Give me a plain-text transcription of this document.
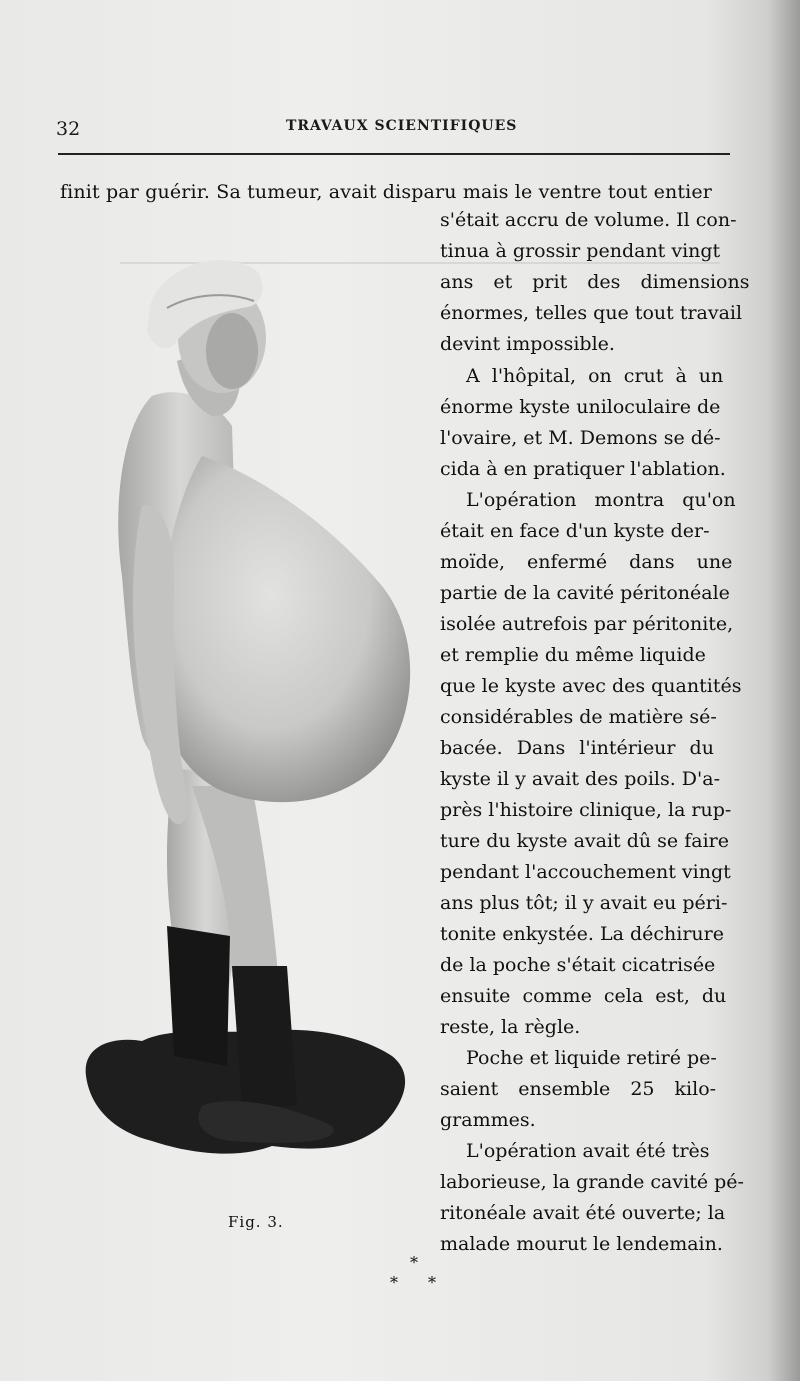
32	TRAVAUX SCIENTIFIQUES
finit par guérir. Sa tumeur, avait disparu mais le ventre tout entier
s'était accru de volume. Il con-
tinua à grossir pendant vingt
ans et prit des dimensions
énormes, telles que tout travail
devint impossible.
A l'hôpital, on crut à un
énorme kyste uniloculaire de
l'ovaire, et M. Demons se dé-
cida à en pratiquer l'ablation.
L'opération montra qu'on
était en face d'un kyste der-
moïde, enfermé dans une
partie de la cavité péritonéale
isolée autrefois par péritonite,
et remplie du même liquide
que le kyste avec des quantités
considérables de matière sé-
bacée. Dans l'intérieur du
kyste il y avait des poils. D'a-
près l'histoire clinique, la rup-
ture du kyste avait dû se faire
pendant l'accouchement vingt
ans plus tôt; il y avait eu péri-
tonite enkystée. La déchirure
de la poche s'était cicatrisée
ensuite comme cela est, du
reste, la règle.
Poche et liquide retiré pe-
saient ensemble 25 kilo-
grammes.
L'opération avait été très
laborieuse, la grande cavité pé-
ritonéale avait été ouverte; la
malade mourut le lendemain.
Fig. 3.
*
* *
